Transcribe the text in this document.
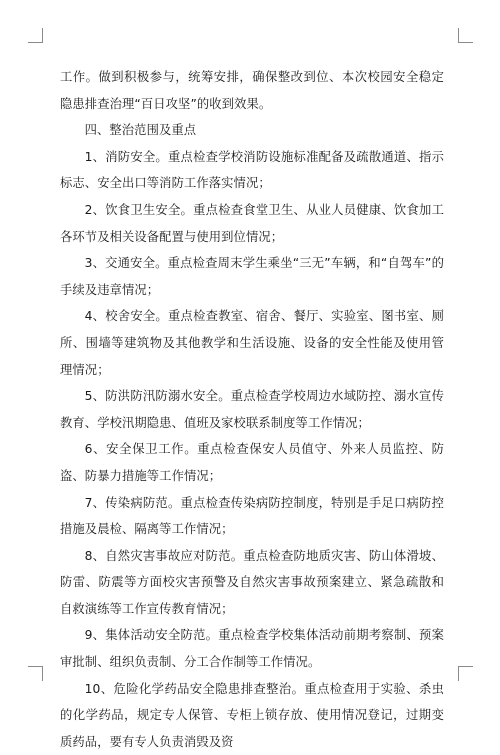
工作。做到积极参与，统筹安排，确保整改到位、本次校园安全稳定隐患排查治理“百日攻坚”的收到效果。

四、整治范围及重点

1、消防安全。重点检查学校消防设施标准配备及疏散通道、指示标志、安全出口等消防工作落实情况；

2、饮食卫生安全。重点检查食堂卫生、从业人员健康、饮食加工各环节及相关设备配置与使用到位情况；

3、交通安全。重点检查周末学生乘坐“三无”车辆，和“自驾车”的手续及违章情况；

4、校舍安全。重点检查教室、宿舍、餐厅、实验室、图书室、厕所、围墙等建筑物及其他教学和生活设施、设备的安全性能及使用管理情况；

5、防洪防汛防溺水安全。重点检查学校周边水域防控、溺水宣传教育、学校汛期隐患、值班及家校联系制度等工作情况；

6、安全保卫工作。重点检查保安人员值守、外来人员监控、防盗、防暴力措施等工作情况；

7、传染病防范。重点检查传染病防控制度，特别是手足口病防控措施及晨检、隔离等工作情况；

8、自然灾害事故应对防范。重点检查防地质灾害、防山体滑坡、防雷、防震等方面校灾害预警及自然灾害事故预案建立、紧急疏散和自救演练等工作宣传教育情况；

9、集体活动安全防范。重点检查学校集体活动前期考察制、预案审批制、组织负责制、分工合作制等工作情况。

10、危险化学药品安全隐患排查整治。重点检查用于实验、杀虫的化学药品，规定专人保管、专柜上锁存放、使用情况登记，过期变质药品，要有专人负责消毁及资
